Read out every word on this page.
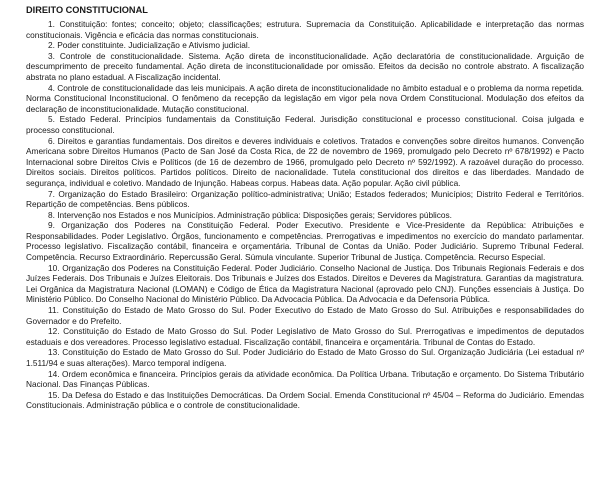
DIREITO CONSTITUCIONAL

1. Constituição: fontes; conceito; objeto; classificações; estrutura. Supremacia da Constituição. Aplicabilidade e interpretação das normas constitucionais. Vigência e eficácia das normas constitucionais.

2. Poder constituinte. Judicialização e Ativismo judicial.

3. Controle de constitucionalidade. Sistema. Ação direta de inconstitucionalidade. Ação declaratória de constitucionalidade. Arguição de descumprimento de preceito fundamental. Ação direta de inconstitucionalidade por omissão. Efeitos da decisão no controle abstrato. A fiscalização abstrata no plano estadual. A Fiscalização incidental.

4. Controle de constitucionalidade das leis municipais. A ação direta de inconstitucionalidade no âmbito estadual e o problema da norma repetida. Norma Constitucional Inconstitucional. O fenômeno da recepção da legislação em vigor pela nova Ordem Constitucional. Modulação dos efeitos da declaração de inconstitucionalidade. Mutação constitucional.

5. Estado Federal. Princípios fundamentais da Constituição Federal. Jurisdição constitucional e processo constitucional. Coisa julgada e processo constitucional.

6. Direitos e garantias fundamentais. Dos direitos e deveres individuais e coletivos. Tratados e convenções sobre direitos humanos. Convenção Americana sobre Direitos Humanos (Pacto de San José da Costa Rica, de 22 de novembro de 1969, promulgado pelo Decreto nº 678/1992) e Pacto Internacional sobre Direitos Civis e Políticos (de 16 de dezembro de 1966, promulgado pelo Decreto nº 592/1992). A razoável duração do processo. Direitos sociais. Direitos políticos. Partidos políticos. Direito de nacionalidade. Tutela constitucional dos direitos e das liberdades. Mandado de segurança, individual e coletivo. Mandado de Injunção. Habeas corpus. Habeas data. Ação popular. Ação civil pública.

7. Organização do Estado Brasileiro: Organização político-administrativa; União; Estados federados; Municípios; Distrito Federal e Territórios. Repartição de competências. Bens públicos.

8. Intervenção nos Estados e nos Municípios. Administração pública: Disposições gerais; Servidores públicos.

9. Organização dos Poderes na Constituição Federal. Poder Executivo. Presidente e Vice-Presidente da República: Atribuições e Responsabilidades. Poder Legislativo. Órgãos, funcionamento e competências. Prerrogativas e impedimentos no exercício do mandato parlamentar. Processo legislativo. Fiscalização contábil, financeira e orçamentária. Tribunal de Contas da União. Poder Judiciário. Supremo Tribunal Federal. Competência. Recurso Extraordinário. Repercussão Geral. Súmula vinculante. Superior Tribunal de Justiça. Competência. Recurso Especial.

10. Organização dos Poderes na Constituição Federal. Poder Judiciário. Conselho Nacional de Justiça. Dos Tribunais Regionais Federais e dos Juízes Federais. Dos Tribunais e Juízes Eleitorais. Dos Tribunais e Juízes dos Estados. Direitos e Deveres da Magistratura. Garantias da magistratura. Lei Orgânica da Magistratura Nacional (LOMAN) e Código de Ética da Magistratura Nacional (aprovado pelo CNJ). Funções essenciais à Justiça. Do Ministério Público. Do Conselho Nacional do Ministério Público. Da Advocacia Pública. Da Advocacia e da Defensoria Pública.

11. Constituição do Estado de Mato Grosso do Sul. Poder Executivo do Estado de Mato Grosso do Sul. Atribuições e responsabilidades do Governador e do Prefeito.

12. Constituição do Estado de Mato Grosso do Sul. Poder Legislativo de Mato Grosso do Sul. Prerrogativas e impedimentos de deputados estaduais e dos vereadores. Processo legislativo estadual. Fiscalização contábil, financeira e orçamentária. Tribunal de Contas do Estado.

13. Constituição do Estado de Mato Grosso do Sul. Poder Judiciário do Estado de Mato Grosso do Sul. Organização Judiciária (Lei estadual nº 1.511/94 e suas alterações). Marco temporal indígena.

14. Ordem econômica e financeira. Princípios gerais da atividade econômica. Da Política Urbana. Tributação e orçamento. Do Sistema Tributário Nacional. Das Finanças Públicas.

15. Da Defesa do Estado e das Instituições Democráticas. Da Ordem Social. Emenda Constitucional nº 45/04 – Reforma do Judiciário. Emendas Constitucionais. Administração pública e o controle de constitucionalidade.
